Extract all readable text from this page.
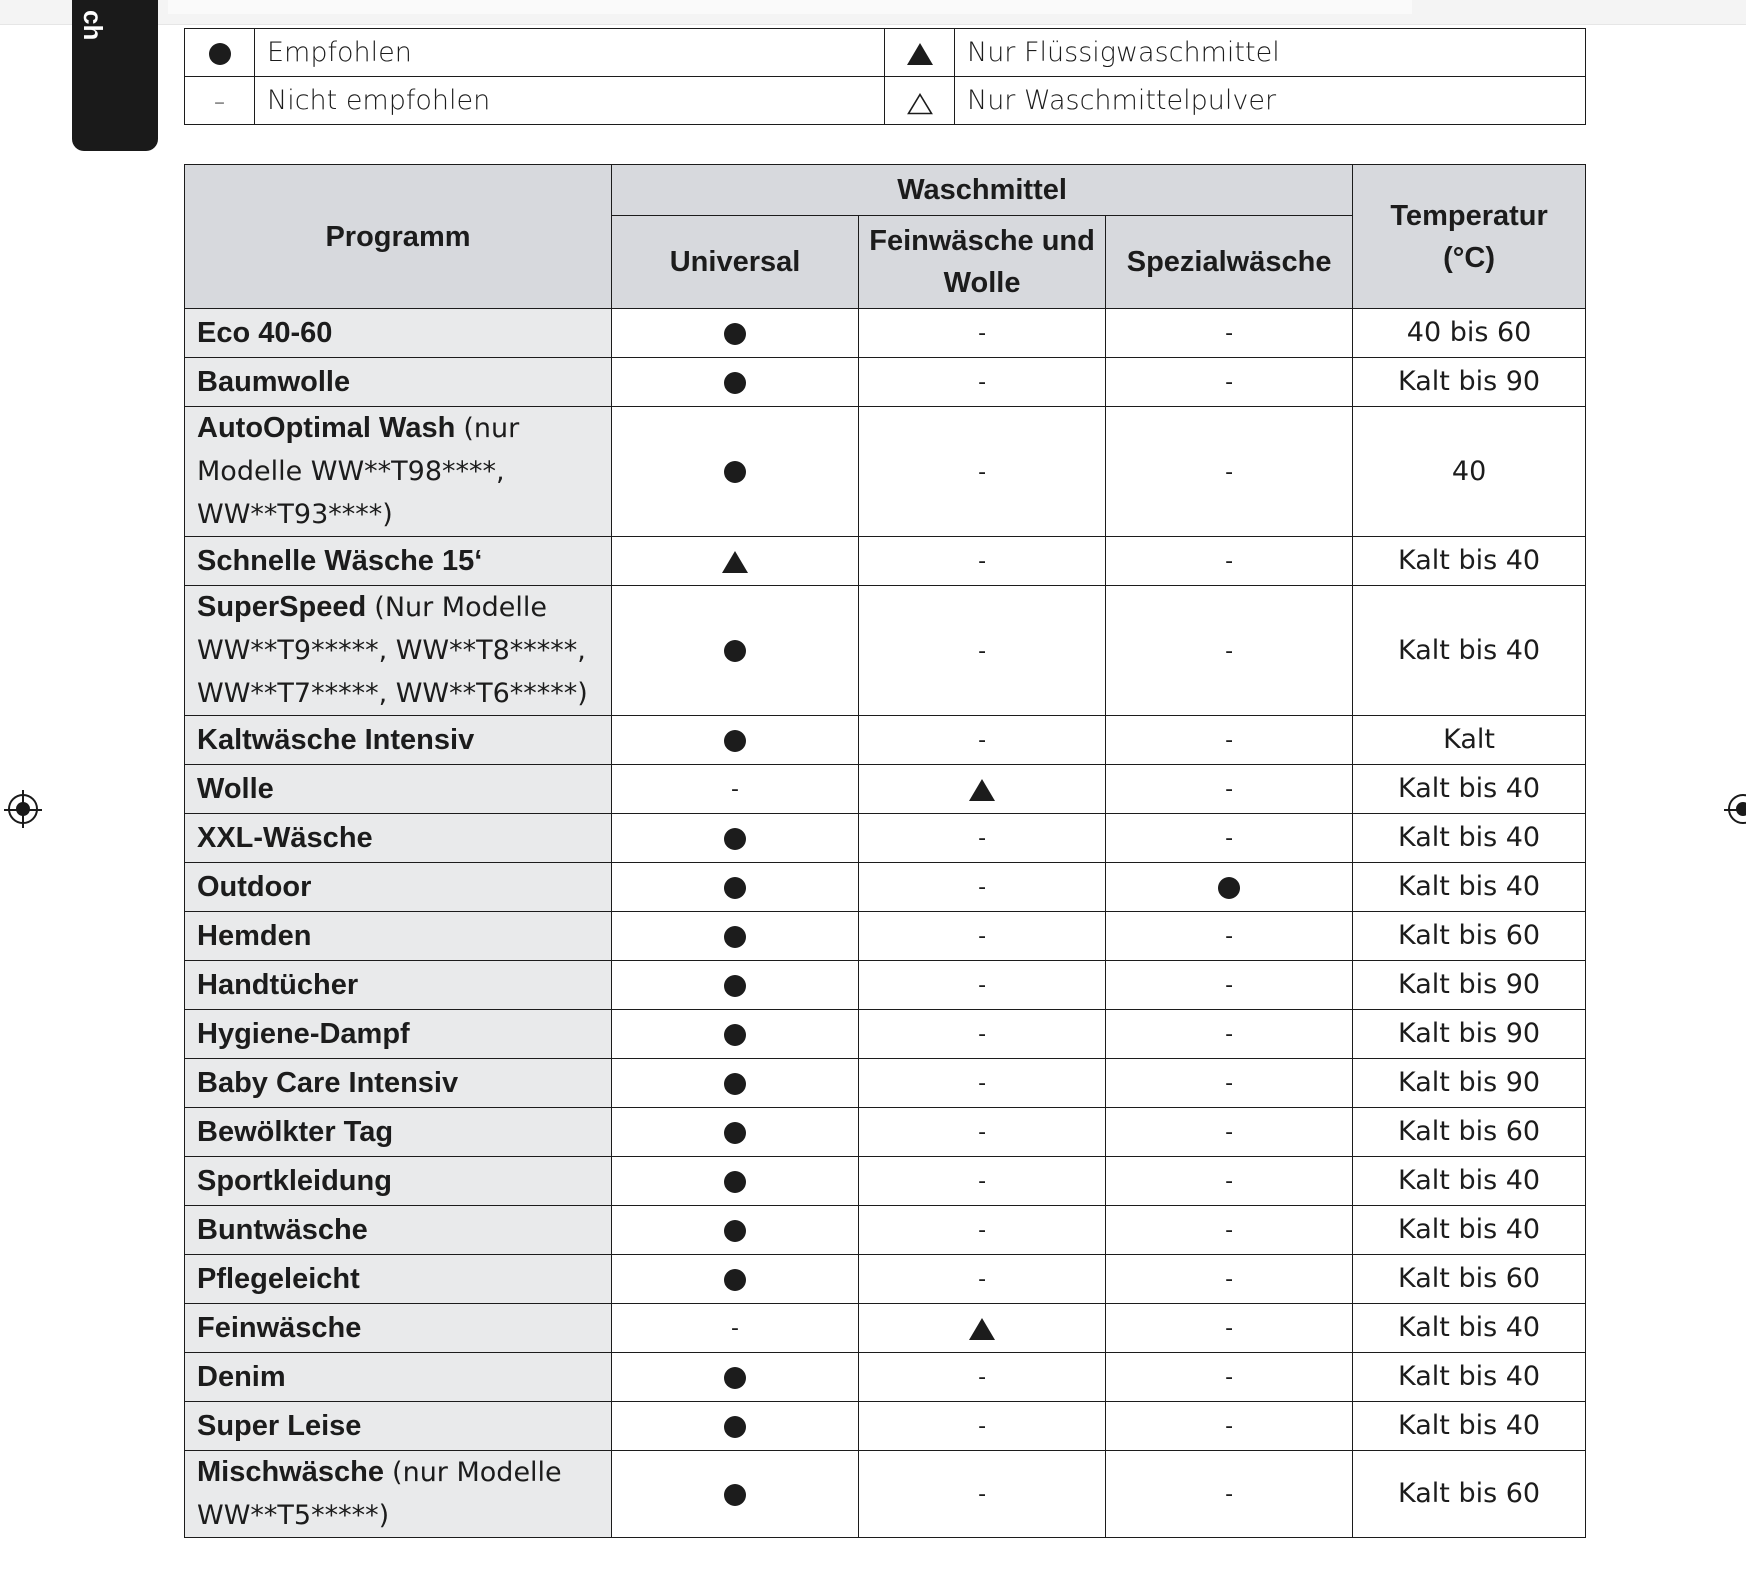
ch
	Empfohlen		Nur Flüssigwaschmittel
–	Nicht empfohlen		Nur Waschmittelpulver
Programm	Waschmittel			Temperatur (°C)
	Universal	Feinwäsche und Wolle	Spezialwäsche	
Eco 40-60		-	-	40 bis 60
Baumwolle		-	-	Kalt bis 90
AutoOptimal Wash (nur Modelle WW**T98****, WW**T93****)		-	-	40
Schnelle Wäsche 15‘		-	-	Kalt bis 40
SuperSpeed (Nur Modelle WW**T9*****, WW**T8*****, WW**T7*****, WW**T6*****)		-	-	Kalt bis 40
Kaltwäsche Intensiv		-	-	Kalt
Wolle	-		-	Kalt bis 40
XXL-Wäsche		-	-	Kalt bis 40
Outdoor		-		Kalt bis 40
Hemden		-	-	Kalt bis 60
Handtücher		-	-	Kalt bis 90
Hygiene-Dampf		-	-	Kalt bis 90
Baby Care Intensiv		-	-	Kalt bis 90
Bewölkter Tag		-	-	Kalt bis 60
Sportkleidung		-	-	Kalt bis 40
Buntwäsche		-	-	Kalt bis 40
Pflegeleicht		-	-	Kalt bis 60
Feinwäsche	-		-	Kalt bis 40
Denim		-	-	Kalt bis 40
Super Leise		-	-	Kalt bis 40
Mischwäsche (nur Modelle WW**T5*****)		-	-	Kalt bis 60
